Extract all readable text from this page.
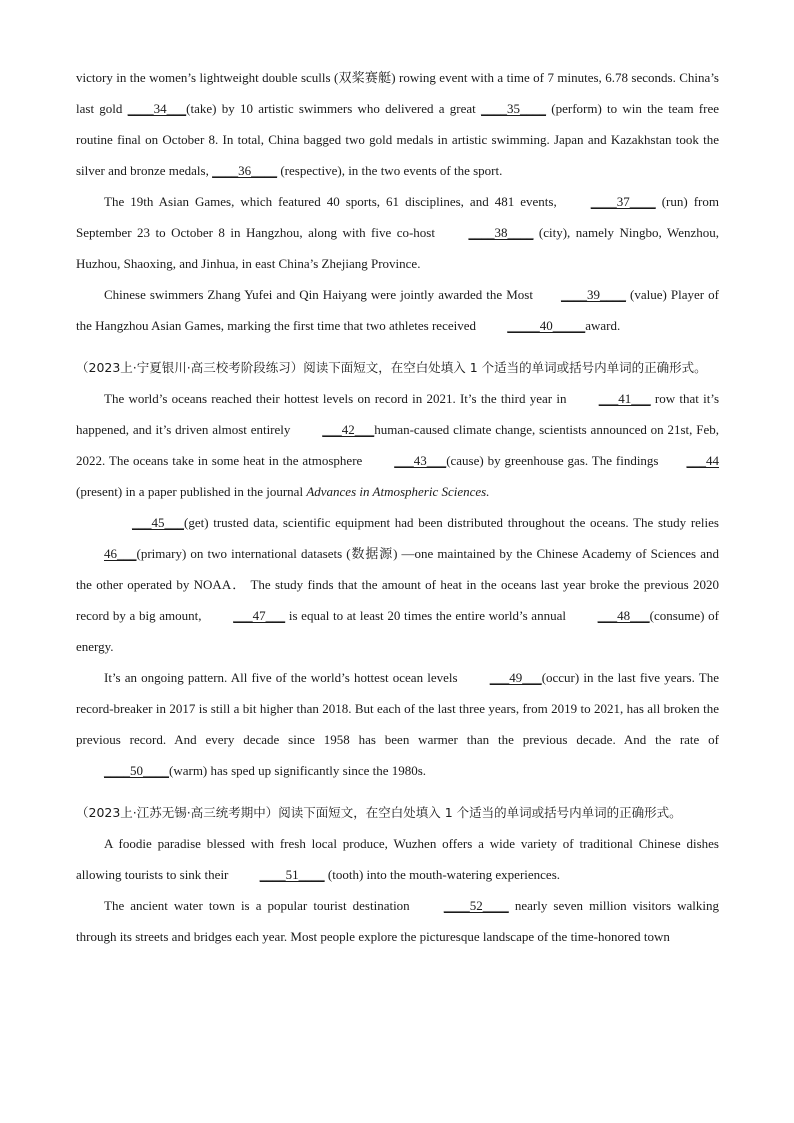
victory in the women’s lightweight double sculls (双桨赛艇) rowing event with a time of 7 minutes, 6.78 seconds. China’s last gold ____34___(take) by 10 artistic swimmers who delivered a great ____35____ (perform) to win the team free routine final on October 8. In total, China bagged two gold medals in artistic swimming. Japan and Kazakhstan took the silver and bronze medals, ____36____ (respective), in the two events of the sport.

The 19th Asian Games, which featured 40 sports, 61 disciplines, and 481 events, ____37____ (run) from September 23 to October 8 in Hangzhou, along with five co-host ____38____ (city), namely Ningbo, Wenzhou, Huzhou, Shaoxing, and Jinhua, in east China’s Zhejiang Province.

Chinese swimmers Zhang Yufei and Qin Haiyang were jointly awarded the Most ____39____ (value) Player of the Hangzhou Asian Games, marking the first time that two athletes received _____40_____award.

（2023上·宁夏银川·高三校考阶段练习）阅读下面短文，在空白处填入 1 个适当的单词或括号内单词的正确形式。

The world’s oceans reached their hottest levels on record in 2021. It’s the third year in ___41___ row that it’s happened, and it’s driven almost entirely ___42___human-caused climate change, scientists announced on 21st, Feb, 2022. The oceans take in some heat in the atmosphere ___43___(cause) by greenhouse gas. The findings ___44 (present) in a paper published in the journal Advances in Atmospheric Sciences.

___45___(get) trusted data, scientific equipment had been distributed throughout the oceans. The study relies 46___(primary) on two international datasets (数据源) —one maintained by the Chinese Academy of Sciences and the other operated by NOAA． The study finds that the amount of heat in the oceans last year broke the previous 2020 record by a big amount, ___47___ is equal to at least 20 times the entire world’s annual ___48___(consume) of energy.

It’s an ongoing pattern. All five of the world’s hottest ocean levels ___49___(occur) in the last five years. The record-breaker in 2017 is still a bit higher than 2018. But each of the last three years, from 2019 to 2021, has all broken the previous record. And every decade since 1958 has been warmer than the previous decade. And the rate of ____50____(warm) has sped up significantly since the 1980s.

（2023上·江苏无锡·高三统考期中）阅读下面短文，在空白处填入 1 个适当的单词或括号内单词的正确形式。

A foodie paradise blessed with fresh local produce, Wuzhen offers a wide variety of traditional Chinese dishes allowing tourists to sink their ____51____ (tooth) into the mouth-watering experiences.

The ancient water town is a popular tourist destination ____52____ nearly seven million visitors walking through its streets and bridges each year. Most people explore the picturesque landscape of the time-honored town
